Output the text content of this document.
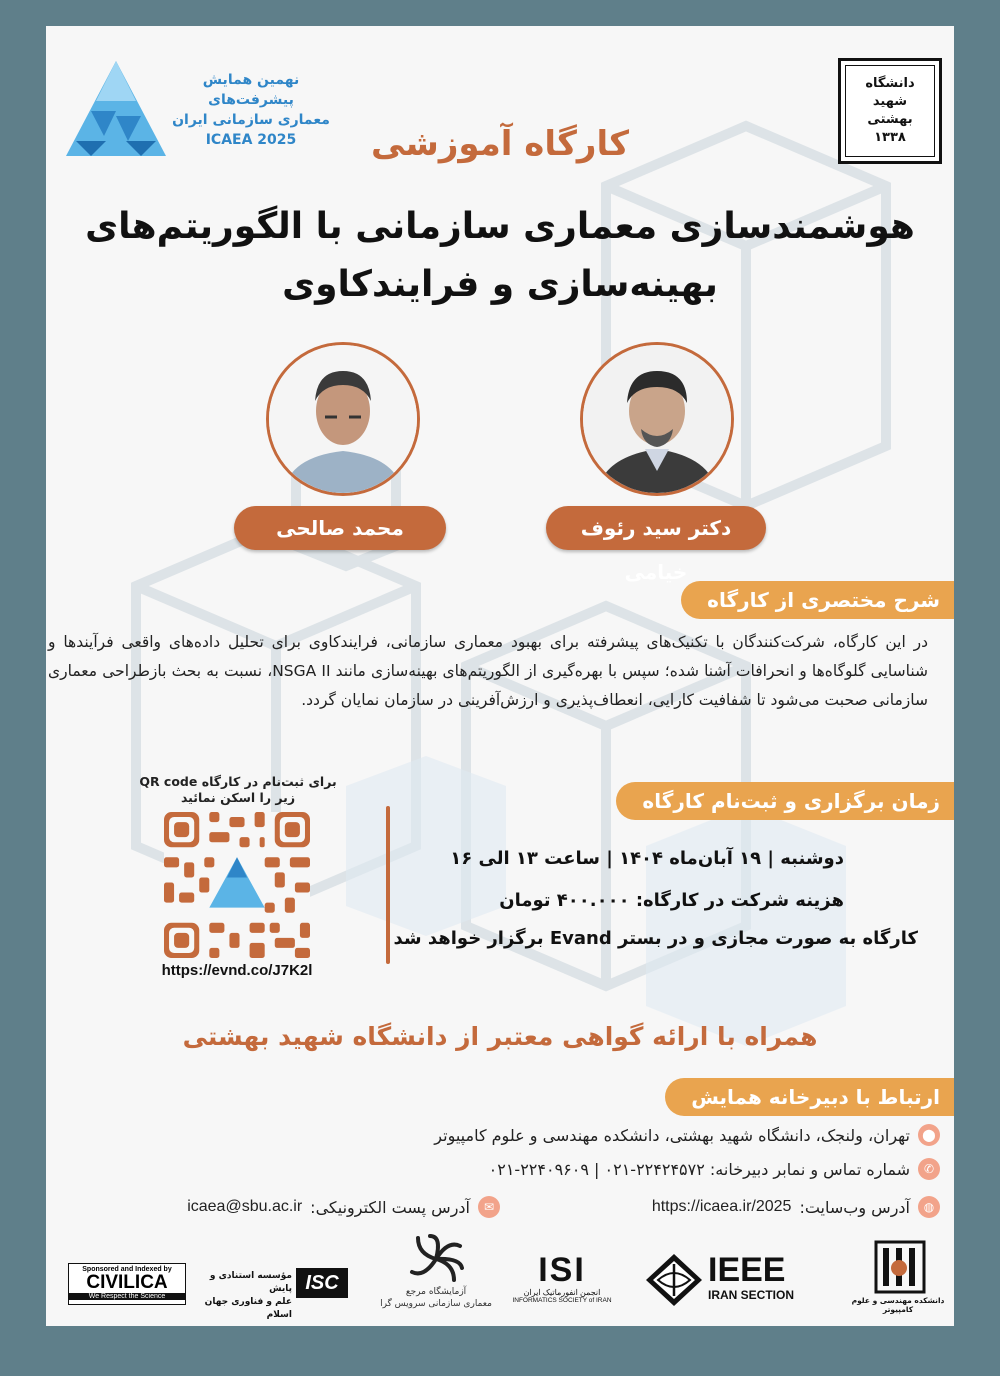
نهمین همایش پیشرفت‌های
معماری سازمانی ایران
ICAEA 2025
دانشگاه شهید بهشتی ۱۳۳۸
کارگاه آموزشی
هوشمندسازی معماری سازمانی با الگوریتم‌های
بهینه‌سازی و فرایندکاوی
دکتر سید رئوف خیامی
محمد صالحی
شرح مختصری از کارگاه
در این کارگاه، شرکت‌کنندگان با تکنیک‌های پیشرفته برای بهبود معماری سازمانی، فرایندکاوی برای تحلیل داده‌های واقعی فرآیندها و شناسایی گلوگاه‌ها و انحرافات آشنا شده؛ سپس با بهره‌گیری از الگوریتم‌های بهینه‌سازی مانند NSGA II، نسبت به بحث بازطراحی معماری سازمانی صحبت می‌شود تا شفافیت کارایی، انعطاف‌پذیری و ارزش‌آفرینی در سازمان نمایان گردد.
زمان برگزاری و ثبت‌نام کارگاه
برای ثبت‌نام در کارگاه QR code
زیر را اسکن نمائید
https://evnd.co/J7K2l
دوشنبه | ۱۹ آبان‌ماه ۱۴۰۴ | ساعت ۱۳ الی ۱۶
هزینه شرکت در کارگاه: ۴۰۰.۰۰۰ تومان
کارگاه به صورت مجازی و در بستر Evand برگزار خواهد شد
همراه با ارائه گواهی معتبر از دانشگاه شهید بهشتی
ارتباط با دبیرخانه همایش
⬤
تهران، ولنجک، دانشگاه شهید بهشتی، دانشکده مهندسی و علوم کامپیوتر
✆
شماره تماس و نمابر دبیرخانه: ۲۲۴۲۴۵۷۲-۰۲۱ | ۲۲۴۰۹۶۰۹-۰۲۱
◍
آدرس وب‌سایت:
https://icaea.ir/2025
✉
آدرس پست الکترونیکی:
icaea@sbu.ac.ir
Sponsored and Indexed by
CIVILICA
We Respect the Science
ISC
مؤسسه استنادی و پایش
علم و فناوری جهان اسلام
آزمایشگاه مرجع
معماری سازمانی سرویس گرا
ISI
انجمن انفورماتیک ایران
INFORMATICS SOCIETY of IRAN
IEEE
IRAN SECTION	دانشکده مهندسی و علوم کامپیوتر
